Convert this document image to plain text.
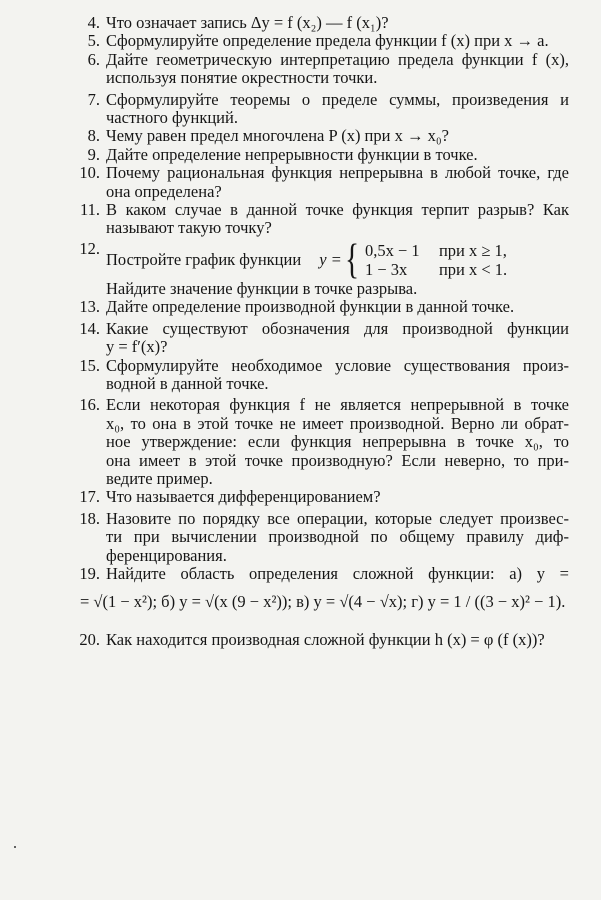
4. Что означает запись Δy = f (x₂) — f (x₁)?
5. Сформулируйте определение предела функции f (x) при x → a.
6. Дайте геометрическую интерпретацию предела функции f (x),
используя понятие окрестности точки.
7. Сформулируйте теоремы о пределе суммы, произведения и
частного функций.
8. Чему равен предел многочлена P (x) при x → x₀?
9. Дайте определение непрерывности функции в точке.
10. Почему рациональная функция непрерывна в любой точке, где
она определена?
11. В каком случае в данной точке функция терпит разрыв? Как
называют такую точку?
12.
Постройте график функции y = { 0,5x − 1	при x ≥ 1,
1 − 3x	при x < 1.
Найдите значение функции в точке разрыва.
13. Дайте определение производной функции в данной точке.
14. Какие существуют обозначения для производной функции
y = f′(x)?
15. Сформулируйте необходимое условие существования произ-
водной в данной точке.
16. Если некоторая функция f не является непрерывной в точке
x₀, то она в этой точке не имеет производной. Верно ли обрат-
ное утверждение: если функция непрерывна в точке x₀, то
она имеет в этой точке производную? Если неверно, то при-
ведите пример.
17. Что называется дифференцированием?
18. Назовите по порядку все операции, которые следует произвес-
ти при вычислении производной по общему правилу диф-
ференцирования.
19. Найдите область определения сложной функции: а) y =
= √(1 − x²); б) y = √(x (9 − x²)); в) y = √(4 − √x); г) y = 1 / ((3 − x)² − 1).
20. Как находится производная сложной функции h (x) = φ (f (x))?
